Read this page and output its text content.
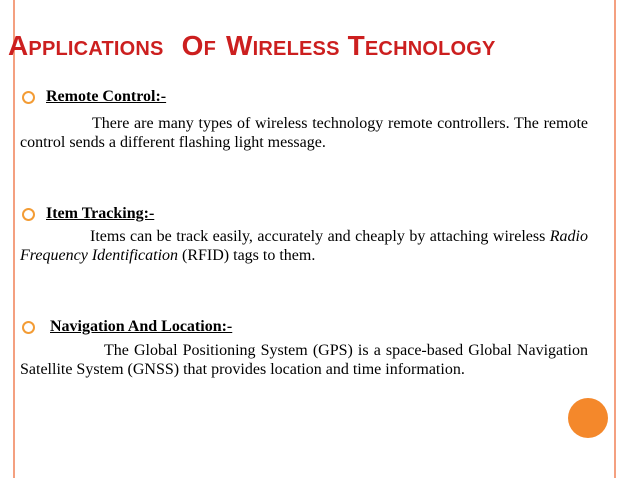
Applications Of Wireless Technology
Remote Control:-
There are many types of wireless technology remote controllers. The remote control sends a different flashing light message.
Item Tracking:-
Items can be track easily, accurately and cheaply by attaching wireless Radio Frequency Identification (RFID) tags to them.
Navigation And Location:-
The Global Positioning System (GPS) is a space-based Global Navigation Satellite System (GNSS) that provides location and time information.
